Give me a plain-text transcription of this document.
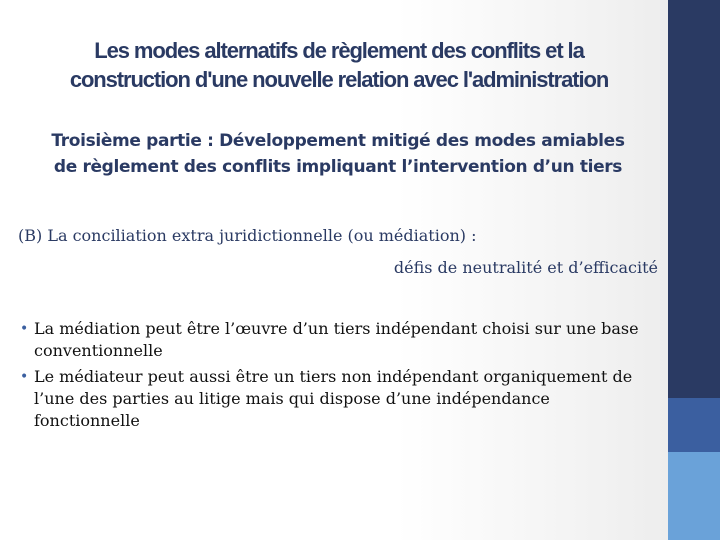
Les modes alternatifs de règlement des conflits et la
construction d'une nouvelle relation avec l'administration
Troisième partie : Développement mitigé des modes amiables
de règlement des conflits impliquant l’intervention d’un tiers
(B) La conciliation extra juridictionnelle (ou médiation) :
défis de neutralité et d’efficacité
• La médiation peut être l’œuvre d’un tiers indépendant choisi sur une base conventionnelle
• Le médiateur peut aussi être un tiers non indépendant organiquement de l’une des parties au litige mais qui dispose d’une indépendance fonctionnelle
